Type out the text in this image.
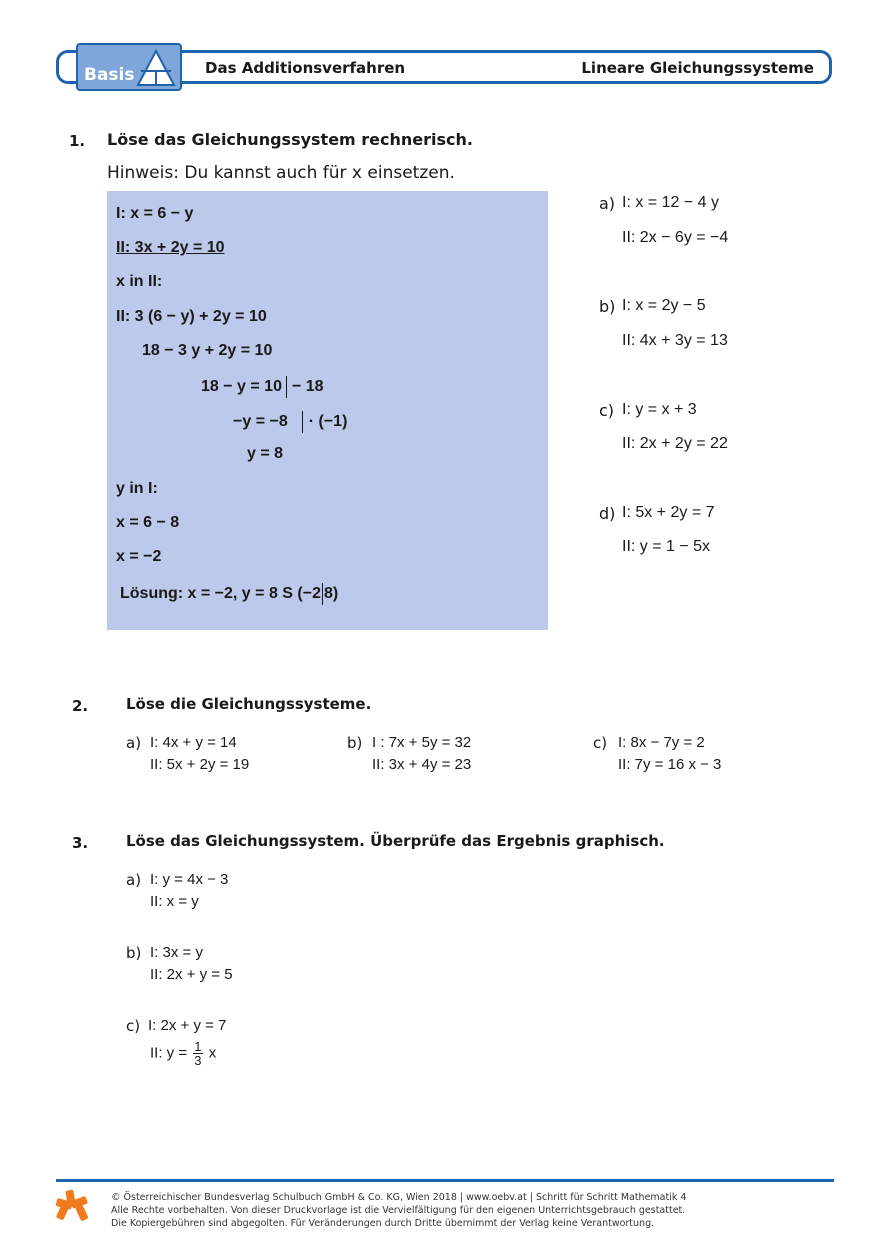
Basis	Das Additionsverfahren	Lineare Gleichungssysteme
1. Löse das Gleichungssystem rechnerisch.
Hinweis: Du kannst auch für x einsetzen.
I: x = 6 − y
II: 3x + 2y = 10
x in II:
II: 3 (6 − y) + 2y = 10
18 − 3 y + 2y = 10
18 − y = 10 − 18
−y = −8 · (−1)
y = 8
y in I:
x = 6 − 8
x = −2
Lösung: x = −2, y = 8 S (−2 8)
a) I: x = 12 − 4 y
II: 2x − 6y = −4
b) I: x = 2y − 5
II: 4x + 3y = 13
c) I: y = x + 3
II: 2x + 2y = 22
d) I: 5x + 2y = 7
II: y = 1 − 5x
2.	Löse die Gleichungssysteme.
a) I: 4x + y = 14
II: 5x + 2y = 19
b) I : 7x + 5y = 32
II: 3x + 4y = 23
c) I: 8x − 7y = 2
II: 7y = 16 x − 3
3.	Löse das Gleichungssystem. Überprüfe das Ergebnis graphisch.
a) I: y = 4x − 3
II: x = y
b) I: 3x = y
II: 2x + y = 5
c) I: 2x + y = 7
II: $y = \frac{1}{3}$ x
© Österreichischer Bundesverlag Schulbuch GmbH & Co. KG, Wien 2018 | www.oebv.at | Schritt für Schritt Mathematik 4
Alle Rechte vorbehalten. Von dieser Druckvorlage ist die Vervielfältigung für den eigenen Unterrichtsgebrauch gestattet.
Die Kopiergebühren sind abgegolten. Für Veränderungen durch Dritte übernimmt der Verlag keine Verantwortung.
